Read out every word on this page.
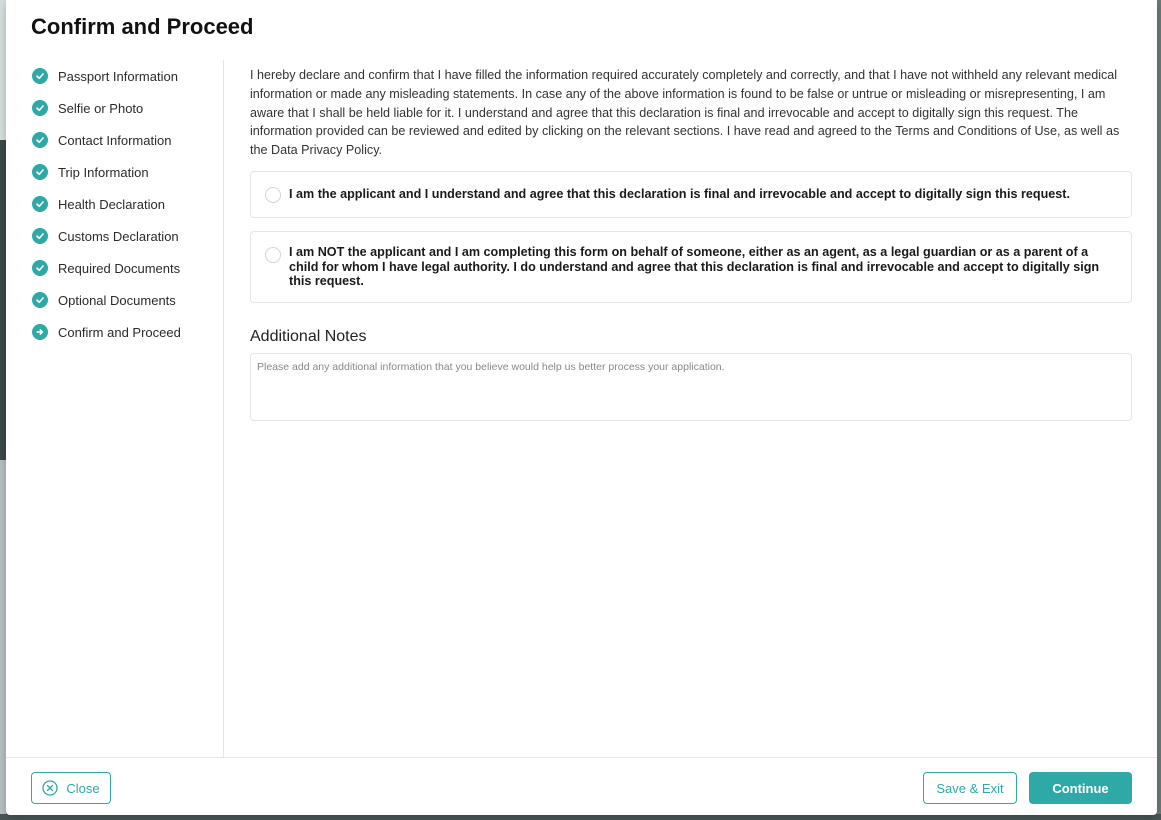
Confirm and Proceed
Passport Information
Selfie or Photo
Contact Information
Trip Information
Health Declaration
Customs Declaration
Required Documents
Optional Documents
Confirm and Proceed

I hereby declare and confirm that I have filled the information required accurately completely and correctly, and that I have not withheld any relevant medical information or made any misleading statements. In case any of the above information is found to be false or untrue or misleading or misrepresenting, I am aware that I shall be held liable for it. I understand and agree that this declaration is final and irrevocable and accept to digitally sign this request. The information provided can be reviewed and edited by clicking on the relevant sections. I have read and agreed to the Terms and Conditions of Use, as well as the Data Privacy Policy.

I am the applicant and I understand and agree that this declaration is final and irrevocable and accept to digitally sign this request.
I am NOT the applicant and I am completing this form on behalf of someone, either as an agent, as a legal guardian or as a parent of a child for whom I have legal authority. I do understand and agree that this declaration is final and irrevocable and accept to digitally sign this request.
Additional Notes
Please add any additional information that you believe would help us better process your application.
Close	Save & Exit	Continue
